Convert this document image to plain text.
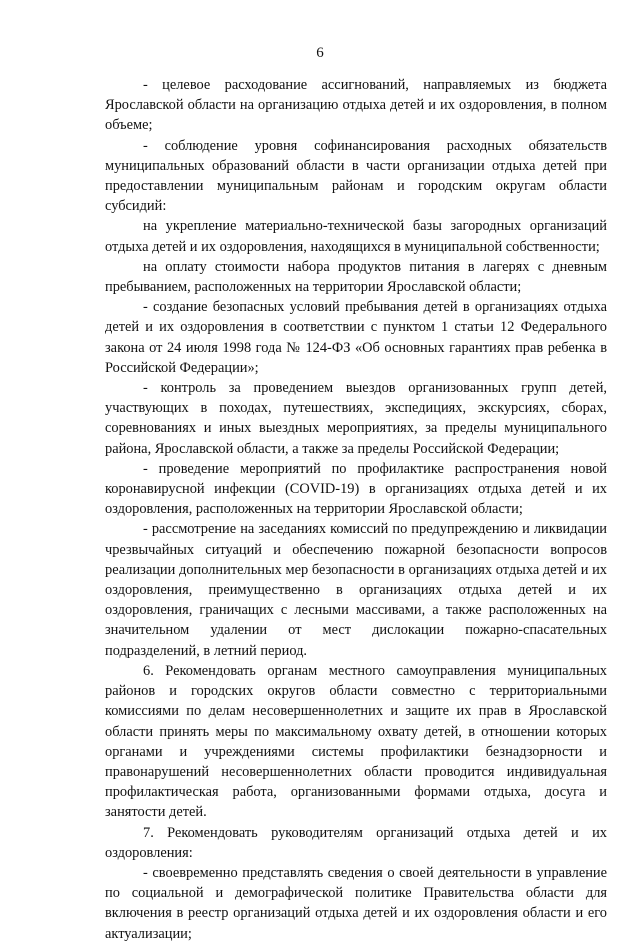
6

- целевое расходование ассигнований, направляемых из бюджета Ярославской области на организацию отдыха детей и их оздоровления, в полном объеме;

- соблюдение уровня софинансирования расходных обязательств муниципальных образований области в части организации отдыха детей при предоставлении муниципальным районам и городским округам области субсидий:

на укрепление материально-технической базы загородных организаций отдыха детей и их оздоровления, находящихся в муниципальной собственности;

на оплату стоимости набора продуктов питания в лагерях с дневным пребыванием, расположенных на территории Ярославской области;

- создание безопасных условий пребывания детей в организациях отдыха детей и их оздоровления в соответствии с пунктом 1 статьи 12 Федерального закона от 24 июля 1998 года № 124-ФЗ «Об основных гарантиях прав ребенка в Российской Федерации»;

- контроль за проведением выездов организованных групп детей, участвующих в походах, путешествиях, экспедициях, экскурсиях, сборах, соревнованиях и иных выездных мероприятиях, за пределы муниципального района, Ярославской области, а также за пределы Российской Федерации;

- проведение мероприятий по профилактике распространения новой коронавирусной инфекции (COVID-19) в организациях отдыха детей и их оздоровления, расположенных на территории Ярославской области;

- рассмотрение на заседаниях комиссий по предупреждению и ликвидации чрезвычайных ситуаций и обеспечению пожарной безопасности вопросов реализации дополнительных мер безопасности в организациях отдыха детей и их оздоровления, преимущественно в организациях отдыха детей и их оздоровления, граничащих с лесными массивами, а также расположенных на значительном удалении от мест дислокации пожарно-спасательных подразделений, в летний период.

6. Рекомендовать органам местного самоуправления муниципальных районов и городских округов области совместно с территориальными комиссиями по делам несовершеннолетних и защите их прав в Ярославской области принять меры по максимальному охвату детей, в отношении которых органами и учреждениями системы профилактики безнадзорности и правонарушений несовершеннолетних области проводится индивидуальная профилактическая работа, организованными формами отдыха, досуга и занятости детей.

7. Рекомендовать руководителям организаций отдыха детей и их оздоровления:

- своевременно представлять сведения о своей деятельности в управление по социальной и демографической политике Правительства области для включения в реестр организаций отдыха детей и их оздоровления области и его актуализации;
